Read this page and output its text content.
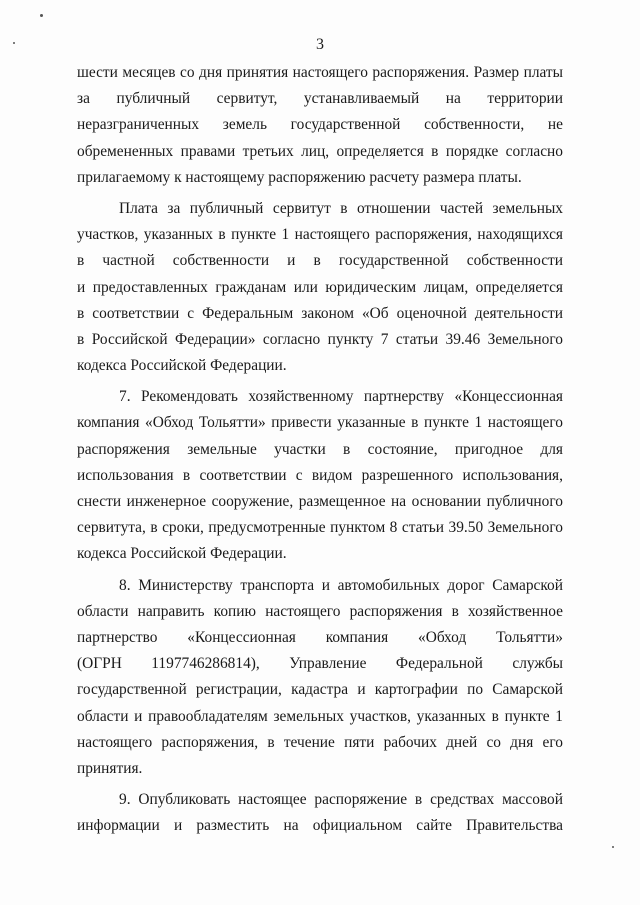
3
шести месяцев со дня принятия настоящего распоряжения. Размер платы
за публичный сервитут, устанавливаемый на территории
неразграниченных земель государственной собственности, не
обремененных правами третьих лиц, определяется в порядке согласно
прилагаемому к настоящему распоряжению расчету размера платы.
Плата за публичный сервитут в отношении частей земельных
участков, указанных в пункте 1 настоящего распоряжения, находящихся
в частной собственности и в государственной собственности
и предоставленных гражданам или юридическим лицам, определяется
в соответствии с Федеральным законом «Об оценочной деятельности
в Российской Федерации» согласно пункту 7 статьи 39.46 Земельного
кодекса Российской Федерации.
7. Рекомендовать хозяйственному партнерству «Концессионная
компания «Обход Тольятти» привести указанные в пункте 1 настоящего
распоряжения земельные участки в состояние, пригодное для
использования в соответствии с видом разрешенного использования,
снести инженерное сооружение, размещенное на основании публичного
сервитута, в сроки, предусмотренные пунктом 8 статьи 39.50 Земельного
кодекса Российской Федерации.
8. Министерству транспорта и автомобильных дорог Самарской
области направить копию настоящего распоряжения в хозяйственное
партнерство «Концессионная компания «Обход Тольятти»
(ОГРН 1197746286814), Управление Федеральной службы
государственной регистрации, кадастра и картографии по Самарской
области и правообладателям земельных участков, указанных в пункте 1
настоящего распоряжения, в течение пяти рабочих дней со дня его
принятия.
9. Опубликовать настоящее распоряжение в средствах массовой
информации и разместить на официальном сайте Правительства
